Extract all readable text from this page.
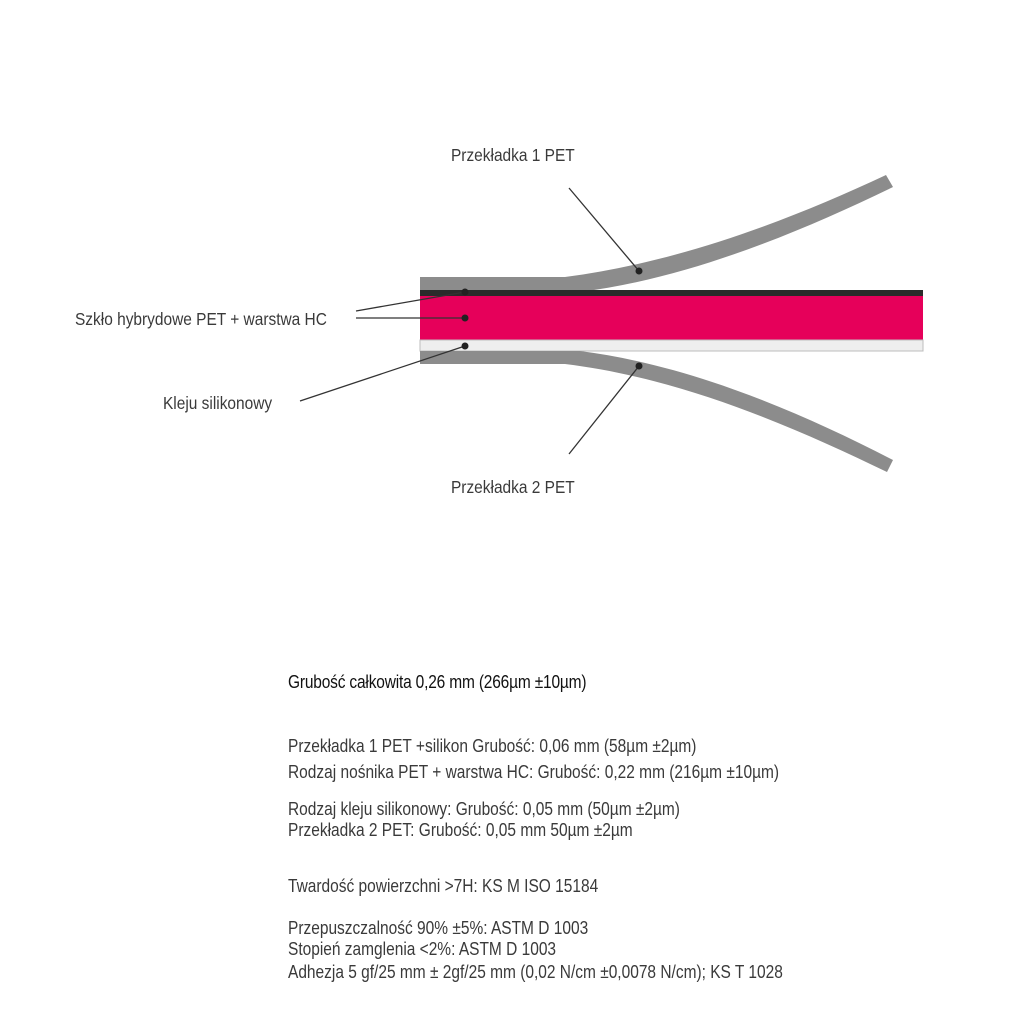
Przekładka 1 PET
Szkło hybrydowe PET + warstwa HC
Kleju silikonowy
Przekładka 2 PET
Grubość całkowita 0,26 mm (266µm ±10µm)
Przekładka 1 PET +silikon Grubość: 0,06 mm (58µm ±2µm)
Rodzaj nośnika PET + warstwa HC: Grubość: 0,22 mm (216µm ±10µm)
Rodzaj kleju silikonowy: Grubość: 0,05 mm (50µm ±2µm)
Przekładka 2 PET: Grubość: 0,05 mm 50µm ±2µm
Twardość powierzchni >7H: KS M ISO 15184
Przepuszczalność 90% ±5%: ASTM D 1003
Stopień zamglenia <2%: ASTM D 1003
Adhezja 5 gf/25 mm ± 2gf/25 mm (0,02 N/cm ±0,0078 N/cm); KS T 1028
